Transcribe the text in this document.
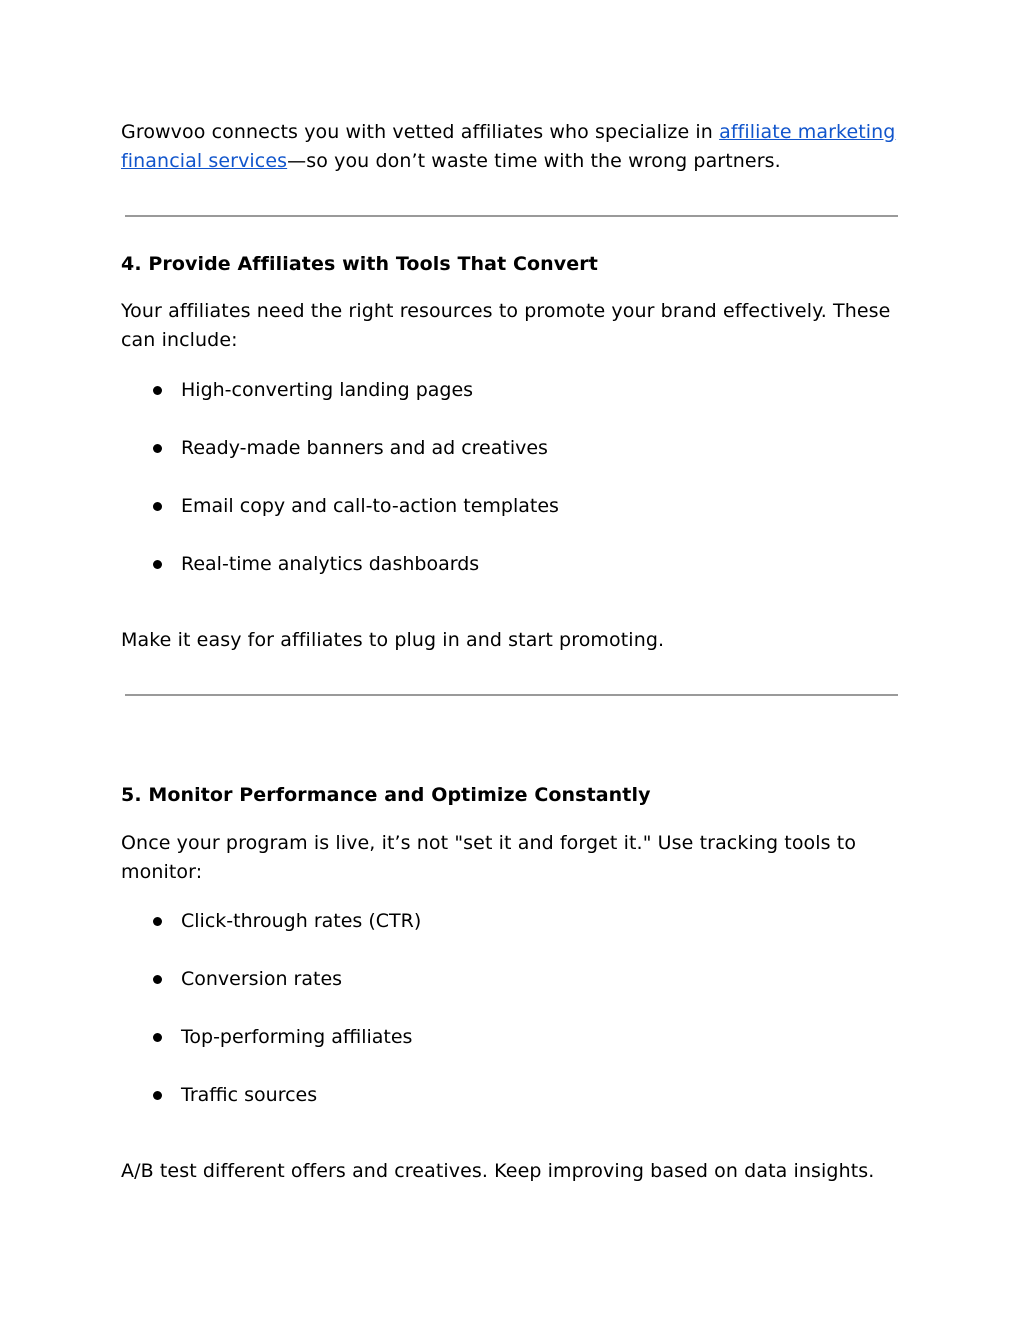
Growvoo connects you with vetted affiliates who specialize in affiliate marketing financial services—so you don’t waste time with the wrong partners.

4. Provide Affiliates with Tools That Convert

Your affiliates need the right resources to promote your brand effectively. These can include:

High-converting landing pages
Ready-made banners and ad creatives
Email copy and call-to-action templates
Real-time analytics dashboards

Make it easy for affiliates to plug in and start promoting.

5. Monitor Performance and Optimize Constantly

Once your program is live, it’s not "set it and forget it." Use tracking tools to monitor:

Click-through rates (CTR)
Conversion rates
Top-performing affiliates
Traffic sources

A/B test different offers and creatives. Keep improving based on data insights.
